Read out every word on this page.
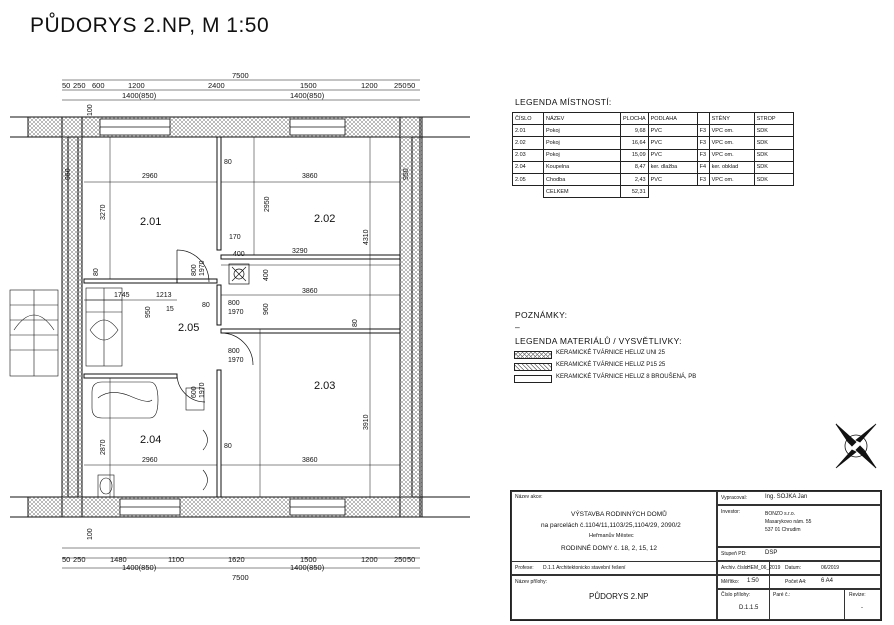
PŮDORYS 2.NP, M 1:50
7500
50 250 600	1200	2400	1500	1200 250 50
1400(850)	1400(850)
50 250	1480	1100	1620	1500	1200 250 50
1400(850)	1400(850)
7500
2.01	2.02
2.03
2.04
2.05
2960	3860
3860
2960
1745
3290
3860
1213
15
170
400
80
80
80	800
1970
800
1970
3270
2950
3910
2870
4310
960
400
80
80
800 1970
600 1970
100
100
950
950	950
LEGENDA MÍSTNOSTÍ:
ČÍSLO	NÁZEV	PLOCHA	PODLAHA		STĚNY	STROP
2.01	Pokoj	9,68	PVC	F3	VPC om.	SDK
2.02	Pokoj	16,64	PVC	F3	VPC om.	SDK
2.03	Pokoj	15,09	PVC	F3	VPC om.	SDK
2.04	Koupelna	8,47	ker. dlažba	F4	ker. obklad	SDK
2.05	Chodba	2,43	PVC	F3	VPC om.	SDK
	CELKEM	52,31				
POZNÁMKY:
–
LEGENDA MATERIÁLŮ / VYSVĚTLIVKY:
KERAMICKÉ TVÁRNICE HELUZ UNI 25
KERAMICKÉ TVÁRNICE HELUZ P15 25
KERAMICKÉ TVÁRNICE HELUZ 8 BROUŠENÁ, PB
Název akce:
VÝSTAVBA RODINNÝCH DOMŮ
na parcelách č.1104/11,1103/25,1104/29, 2090/2
Heřmanův Městec
RODINNÉ DOMY č. 18, 2, 15, 12
Vypracoval:	Ing. SOJKA Jan
Investor:	BONZO s.r.o.
Masarykovo nám. 55
537 01 Chrudim
Stupeň PD:	DSP
Profese: D.1.1 Architektonicko stavební řešení	Archiv. číslo:
HEM_06_2019 Datum:	06/2019
Název přílohy:
PŮDORYS 2.NP
Měřítko: 1:50	Počet A4: 6 A4
Číslo přílohy:
D.1.1.5
Paré č.:	Revize:
-
